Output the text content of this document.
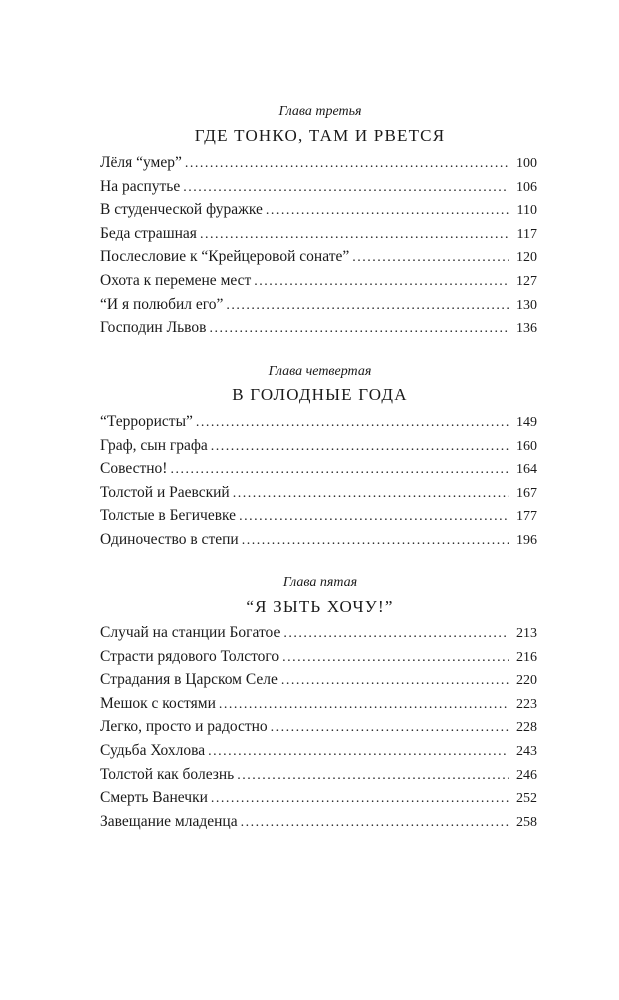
Глава третья
ГДЕ ТОНКО, ТАМ И РВЕТСЯ
Лёля “умер” . . .	100
На распутье . . .	106
В студенческой фуражке . . .	110
Беда страшная . . .	117
Послесловие к “Крейцеровой сонате” . . .	120
Охота к перемене мест . . .	127
“И я полюбил его” . . .	130
Господин Львов . . .	136
Глава четвертая
В ГОЛОДНЫЕ ГОДА
“Террористы” . . .	149
Граф, сын графа . . .	160
Совестно! . . .	164
Толстой и Раевский . . .	167
Толстые в Бегичевке . . .	177
Одиночество в степи . . .	196
Глава пятая
“Я ЗЫТЬ ХОЧУ!”
Случай на станции Богатое . . .	213
Страсти рядового Толстого . . .	216
Страдания в Царском Селе . . .	220
Мешок с костями . . .	223
Легко, просто и радостно . . .	228
Судьба Хохлова . . .	243
Толстой как болезнь . . .	246
Смерть Ванечки . . .	252
Завещание младенца . . .	258
